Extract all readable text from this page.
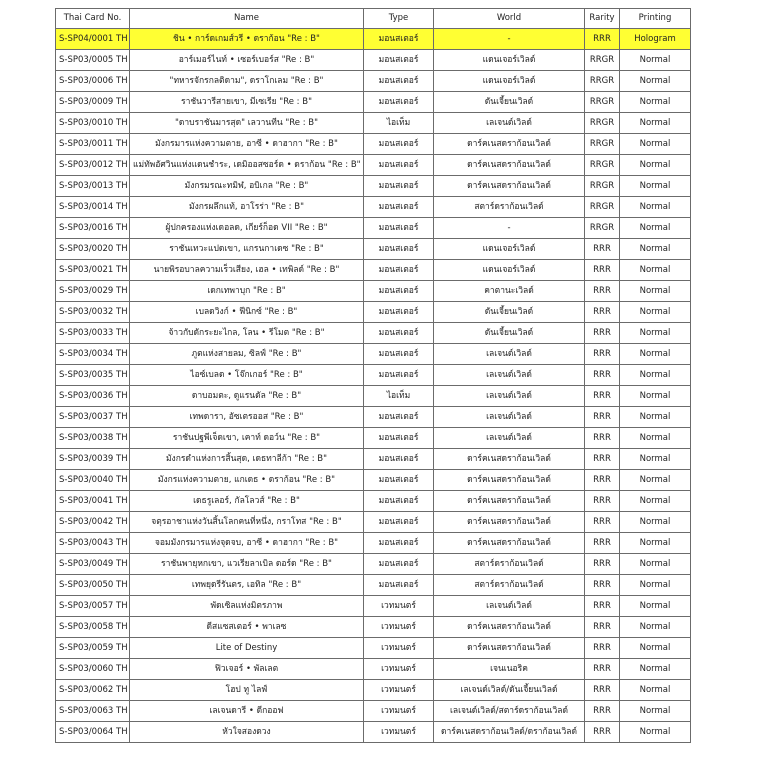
Thai Card No.	Name	Type	World	Rarity	Printing
S-SP04/0001 TH	ชิน • การ์ดเกมส์วรี • ดราก้อน "Re : B"	มอนสเตอร์	-	RRR	Hologram
S-SP03/0005 TH	อาร์เมอร์ไนท์ • เซอร์เบอร์ส "Re : B"	มอนสเตอร์	แดนเจอร์เวิลด์	RRGR	Normal
S-SP03/0006 TH	"ทหารจักรกลติดาม", ดราโกเลม "Re : B"	มอนสเตอร์	แดนเจอร์เวิลด์	RRGR	Normal
S-SP03/0009 TH	ราชันวารีสายเขา, มีเซเรีย "Re : B"	มอนสเตอร์	ดันเจี้ยนเวิลด์	RRGR	Normal
S-SP03/0010 TH	"ดาบราชันมารสุด" เลวานทีน "Re : B"	ไอเท็ม	เลเจนด์เวิลด์	RRGR	Normal
S-SP03/0011 TH	มังกรมารแห่งความตาย, อาซี • ดาฮากา "Re : B"	มอนสเตอร์	ดาร์คเนสดราก้อนเวิลด์	RRGR	Normal
S-SP03/0012 TH	แม่ทัพอัศวินแห่งแดนชำระ, เดมิออสซอร์ด • ดราก้อน "Re : B"	มอนสเตอร์	ดาร์คเนสดราก้อนเวิลด์	RRGR	Normal
S-SP03/0013 TH	มังกรมรณะทมิฬ, อบิเกล "Re : B"	มอนสเตอร์	ดาร์คเนสดราก้อนเวิลด์	RRGR	Normal
S-SP03/0014 TH	มังกรผลึกแท้, อาโรร่า "Re : B"	มอนสเตอร์	สตาร์ดราก้อนเวิลด์	RRGR	Normal
S-SP03/0016 TH	ผู้ปกครองแห่งเดอลด, เกียร์ก็อด VII "Re : B"	มอนสเตอร์	-	RRGR	Normal
S-SP03/0020 TH	ราชันเทวะแปดเขา, แกรนกาเดซ "Re : B"	มอนสเตอร์	แดนเจอร์เวิลด์	RRR	Normal
S-SP03/0021 TH	นายพิรอบาลความเร็วเสียง, เฮล • เทพิลด์ "Re : B"	มอนสเตอร์	แดนเจอร์เวิลด์	RRR	Normal
S-SP03/0029 TH	เดกเทพาบุก "Re : B"	มอนสเตอร์	คาตานะเวิลด์	RRR	Normal
S-SP03/0032 TH	เบลดวิงก์ • ฟีนิกซ์ "Re : B"	มอนสเตอร์	ดันเจี้ยนเวิลด์	RRR	Normal
S-SP03/0033 TH	จ้าวกับดักระยะไกล, โลน • รีโมต "Re : B"	มอนสเตอร์	ดันเจี้ยนเวิลด์	RRR	Normal
S-SP03/0034 TH	ภูตแห่งสายลม, ซิลฟ์ "Re : B"	มอนสเตอร์	เลเจนด์เวิลด์	RRR	Normal
S-SP03/0035 TH	ไอซ์เบลด • โจ๊กเกอร์ "Re : B"	มอนสเตอร์	เลเจนด์เวิลด์	RRR	Normal
S-SP03/0036 TH	ดาบอมตะ, ดูแรนดัล "Re : B"	ไอเท็ม	เลเจนด์เวิลด์	RRR	Normal
S-SP03/0037 TH	เทพดารา, อัซเตรออส "Re : B"	มอนสเตอร์	เลเจนด์เวิลด์	RRR	Normal
S-SP03/0038 TH	ราชันปฐพีเจ็ดเขา, เคาท์ ดอว์น "Re : B"	มอนสเตอร์	เลเจนด์เวิลด์	RRR	Normal
S-SP03/0039 TH	มังกรดำแห่งการสิ้นสุด, เดธทาลีก้า "Re : B"	มอนสเตอร์	ดาร์คเนสดราก้อนเวิลด์	RRR	Normal
S-SP03/0040 TH	มังกรแห่งความตาย, แกเดธ • ดราก้อน "Re : B"	มอนสเตอร์	ดาร์คเนสดราก้อนเวิลด์	RRR	Normal
S-SP03/0041 TH	เดธรูเลอร์, กัลโลวส์ "Re : B"	มอนสเตอร์	ดาร์คเนสดราก้อนเวิลด์	RRR	Normal
S-SP03/0042 TH	จตุรอาชาแห่งวันสิ้นโลกคนที่หนึ่ง, กราโทส "Re : B"	มอนสเตอร์	ดาร์คเนสดราก้อนเวิลด์	RRR	Normal
S-SP03/0043 TH	จอมมังกรมารแห่งจุดจบ, อาซี • ดาฮากา "Re : B"	มอนสเตอร์	ดาร์คเนสดราก้อนเวิลด์	RRR	Normal
S-SP03/0049 TH	ราชันพายุหกเขา, แวเรียลาเบิล ดอร์ด "Re : B"	มอนสเตอร์	สตาร์ดราก้อนเวิลด์	RRR	Normal
S-SP03/0050 TH	เทพยุดรีรันตร, เอทิล "Re : B"	มอนสเตอร์	สตาร์ดราก้อนเวิลด์	RRR	Normal
S-SP03/0057 TH	พัดเซิลแห่งมิตรภาพ	เวทมนตร์	เลเจนด์เวิลด์	RRR	Normal
S-SP03/0058 TH	ดีสแซสเตอร์ • พาเลซ	เวทมนตร์	ดาร์คเนสดราก้อนเวิลด์	RRR	Normal
S-SP03/0059 TH	Lite of Destiny	เวทมนตร์	ดาร์คเนสดราก้อนเวิลด์	RRR	Normal
S-SP03/0060 TH	ฟิวเจอร์ • พัลเลต	เวทมนตร์	เจนเนอริค	RRR	Normal
S-SP03/0062 TH	โฮป ทู ไลฟ์	เวทมนตร์	เลเจนด์เวิลด์/ดันเจี้ยนเวิลด์	RRR	Normal
S-SP03/0063 TH	เลเจนดารี • ดีกออฟ	เวทมนตร์	เลเจนด์เวิลด์/สตาร์ดราก้อนเวิลด์	RRR	Normal
S-SP03/0064 TH	หัวใจสองดวง	เวทมนตร์	ดาร์คเนสดราก้อนเวิลด์/ดราก้อนเวิลด์	RRR	Normal
